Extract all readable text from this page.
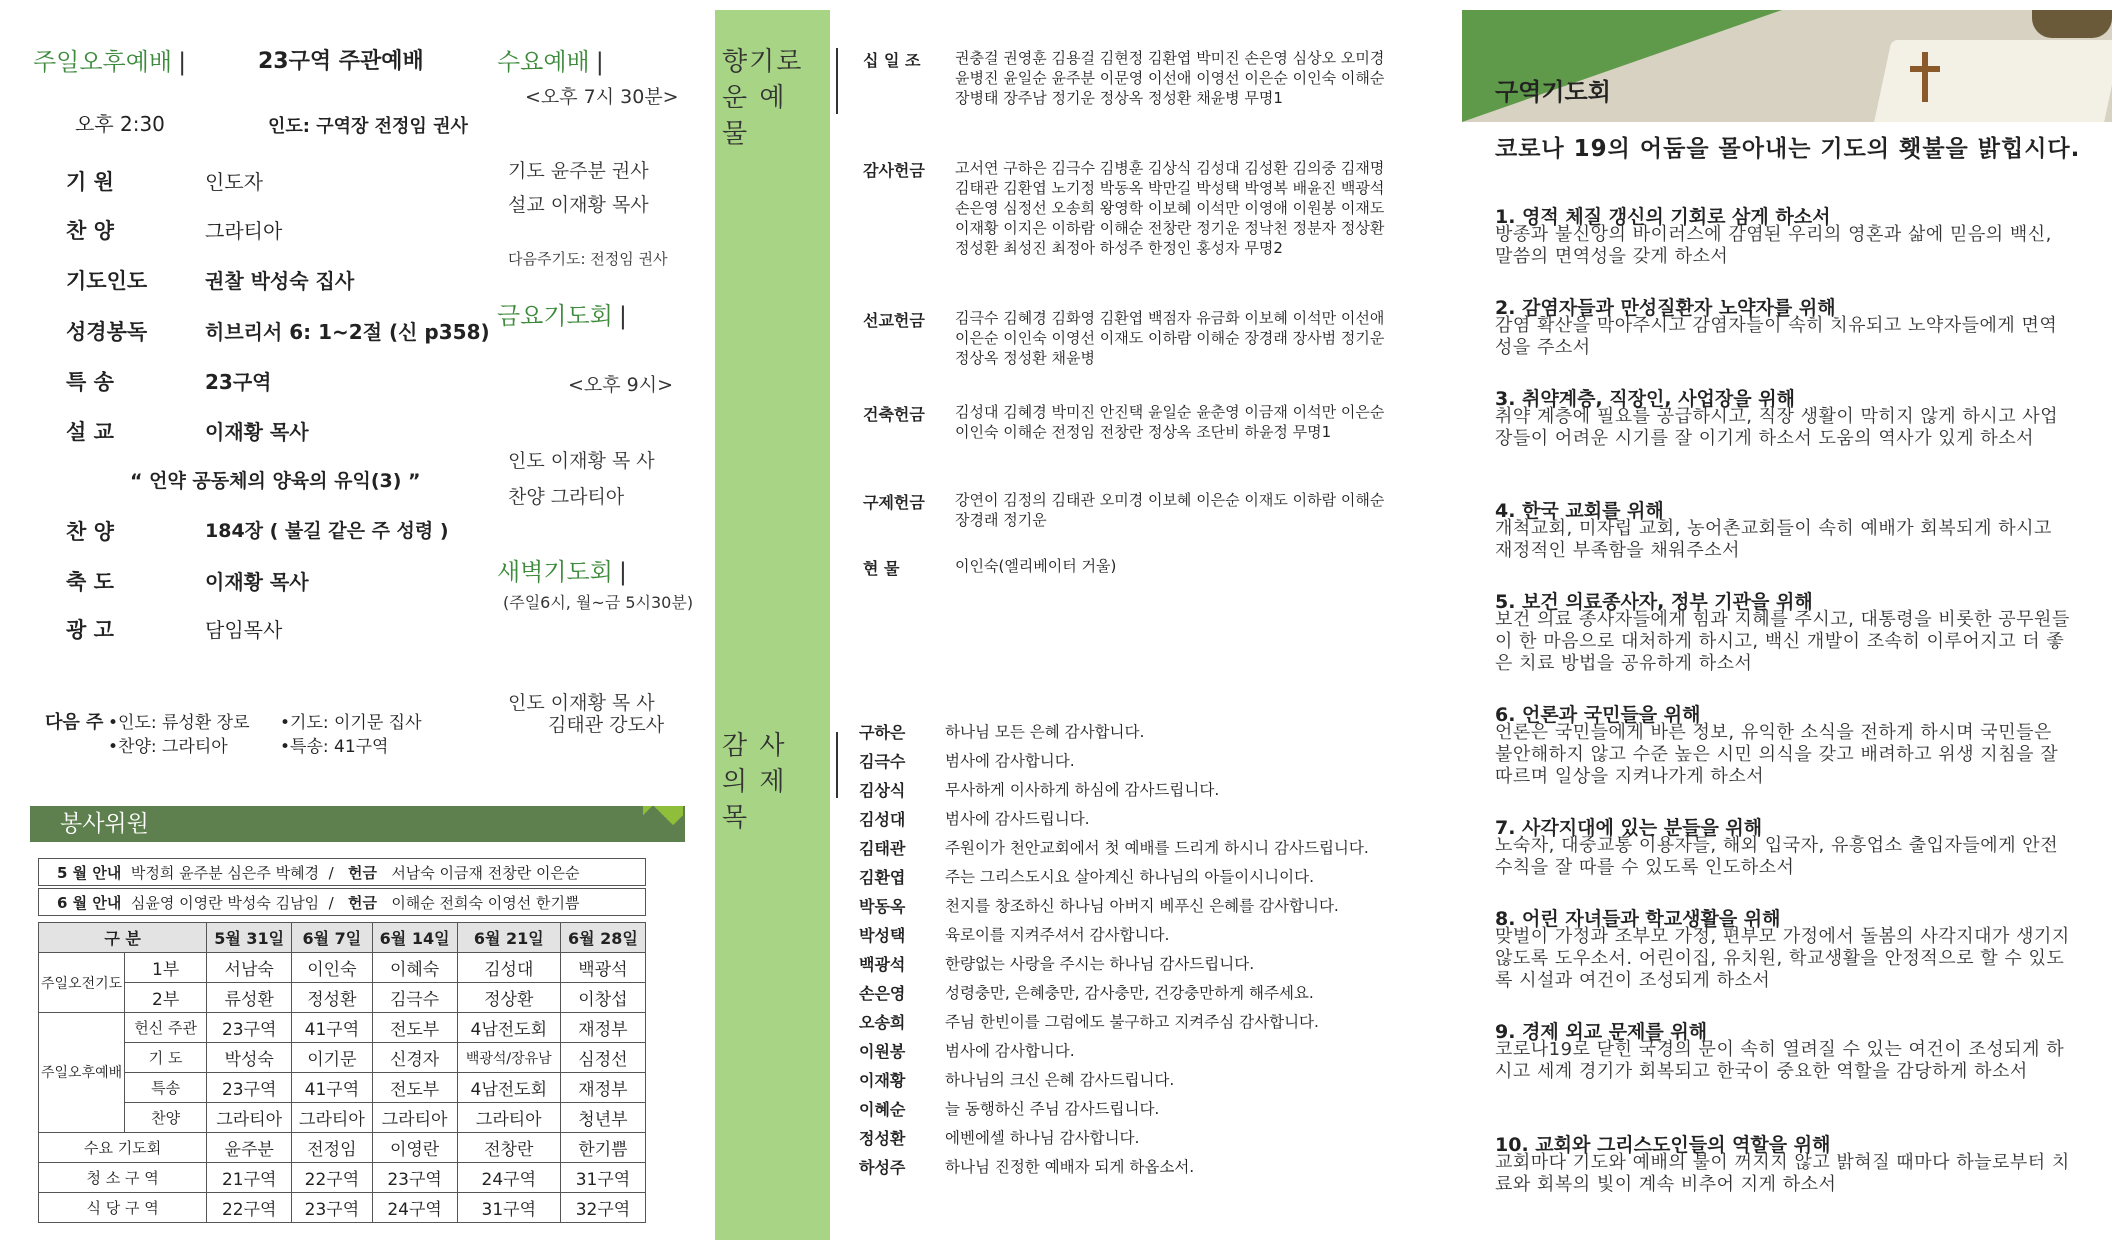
주일오후예배 |	23구역 주관예배
오후 2:30	인도: 구역장 전정임 권사
기 원	인도자
찬 양	그라티아
기도인도	권찰 박성숙 집사
성경봉독	히브리서 6: 1~2절 (신 p358)
특 송	23구역
설 교	이재황 목사
“ 언약 공동체의 양육의 유익(3) ”
찬 양	184장 ( 불길 같은 주 성령 )
축 도	이재황 목사
광 고	담임목사
다음 주 •인도: 류성환 장로 •기도: 이기문 집사
•찬양: 그라티아	•특송: 41구역
수요예배 |
<오후 7시 30분>
기도 윤주분 권사
설교 이재황 목사
다음주기도: 전정임 권사
금요기도회 |
<오후 9시>
인도 이재황 목 사
찬양 그라티아
새벽기도회 |
(주일6시, 월~금 5시30분)
인도 이재황 목 사
김태관 강도사
봉사위원
5 월 안내 박정희 윤주분 심은주 박혜경 / 헌금 서남숙 이금재 전창란 이은순
6 월 안내 심윤영 이영란 박성숙 김남임 / 헌금 이해순 전희숙 이영선 한기쁨
구 분		5월 31일	6월 7일	6월 14일	6월 21일	6월 28일
주일오전기도	1부	서남숙	이인숙	이혜숙	김성대	백광석
	2부	류성환	정성환	김극수	정상환	이창섭
주일오후예배	헌신 주관	23구역	41구역	전도부	4남전도회	재정부
	기 도	박성숙	이기문	신경자	백광석/장유남	심정선
	특송	23구역	41구역	전도부	4남전도회	재정부
	찬양	그라티아	그라티아	그라티아	그라티아	청년부
수요 기도회		윤주분	전정임	이영란	전창란	한기쁨
청 소 구 역		21구역	22구역	23구역	24구역	31구역
식 당 구 역		22구역	23구역	24구역	31구역	32구역
향기로운 예 물
감 사 의 제 목
십 일 조	권충걸 권영훈 김용걸 김현정 김환엽 박미진 손은영 심상오 오미경 윤병진 윤일순 윤주분 이문영 이선애 이영선 이은순 이인숙 이해순 장병태 장주남 정기운 정상옥 정성환 채윤병 무명1
감사헌금	고서연 구하은 김극수 김병훈 김상식 김성대 김성환 김의중 김재명 김태관 김환엽 노기정 박동옥 박만길 박성택 박영복 배윤진 백광석 손은영 심정선 오송희 왕영학 이보혜 이석만 이영애 이원봉 이재도 이재황 이지은 이하람 이해순 전창란 정기운 정낙천 정분자 정상환 정성환 최성진 최정아 하성주 한정인 홍성자 무명2
선교헌금	김극수 김혜경 김화영 김환엽 백점자 유금화 이보혜 이석만 이선애 이은순 이인숙 이영선 이재도 이하람 이해순 장경래 장사범 정기운 정상옥 정성환 채윤병
건축헌금	김성대 김혜경 박미진 안진택 윤일순 윤춘영 이금재 이석만 이은순 이인숙 이해순 전정임 전창란 정상옥 조단비 하윤정 무명1
구제헌금	강연이 김정의 김태관 오미경 이보혜 이은순 이재도 이하람 이해순 장경래 정기운
현 물	이인숙(엘리베이터 거울)
구하은	하나님 모든 은혜 감사합니다.
김극수	범사에 감사합니다.
김상식	무사하게 이사하게 하심에 감사드립니다.
김성대	범사에 감사드립니다.
김태관	주원이가 천안교회에서 첫 예배를 드리게 하시니 감사드립니다.
김환엽	주는 그리스도시요 살아계신 하나님의 아들이시니이다.
박동옥	천지를 창조하신 하나님 아버지 베푸신 은혜를 감사합니다.
박성택	육로이를 지켜주셔서 감사합니다.
백광석	한량없는 사랑을 주시는 하나님 감사드립니다.
손은영	성령충만, 은혜충만, 감사충만, 건강충만하게 해주세요.
오송희	주님 한빈이를 그럼에도 불구하고 지켜주심 감사합니다.
이원봉	범사에 감사합니다.
이재황	하나님의 크신 은혜 감사드립니다.
이혜순	늘 동행하신 주님 감사드립니다.
정성환	에벤에셀 하나님 감사합니다.
하성주	하나님 진정한 예배자 되게 하옵소서.
구역기도회
코로나 19의 어둠을 몰아내는 기도의 횃불을 밝힙시다.
1. 영적 체질 갱신의 기회로 삼게 하소서
방종과 불신앙의 바이러스에 감염된 우리의 영혼과 삶에 믿음의 백신, 말씀의 면역성을 갖게 하소서
2. 감염자들과 만성질환자 노약자를 위해
감염 확산을 막아주시고 감염자들이 속히 치유되고 노약자들에게 면역성을 주소서
3. 취약계층, 직장인, 사업장을 위해
취약 계층에 필요를 공급하시고, 직장 생활이 막히지 않게 하시고 사업장들이 어려운 시기를 잘 이기게 하소서 도움의 역사가 있게 하소서
4. 한국 교회를 위해
개척교회, 미자립 교회, 농어촌교회들이 속히 예배가 회복되게 하시고 재정적인 부족함을 채워주소서
5. 보건 의료종사자, 정부 기관을 위해
보건 의료 종사자들에게 힘과 지혜를 주시고, 대통령을 비롯한 공무원들이 한 마음으로 대처하게 하시고, 백신 개발이 조속히 이루어지고 더 좋은 치료 방법을 공유하게 하소서
6. 언론과 국민들을 위해
언론은 국민들에게 바른 정보, 유익한 소식을 전하게 하시며 국민들은 불안해하지 않고 수준 높은 시민 의식을 갖고 배려하고 위생 지침을 잘 따르며 일상을 지켜나가게 하소서
7. 사각지대에 있는 분들을 위해
노숙자, 대중교통 이용자들, 해외 입국자, 유흥업소 출입자들에게 안전 수칙을 잘 따를 수 있도록 인도하소서
8. 어린 자녀들과 학교생활을 위해
맞벌이 가정과 조부모 가정, 편부모 가정에서 돌봄의 사각지대가 생기지 않도록 도우소서. 어린이집, 유치원, 학교생활을 안정적으로 할 수 있도록 시설과 여건이 조성되게 하소서
9. 경제 외교 문제를 위해
코로나19로 닫힌 국경의 문이 속히 열려질 수 있는 여건이 조성되게 하시고 세계 경기가 회복되고 한국이 중요한 역할을 감당하게 하소서
10. 교회와 그리스도인들의 역할을 위해
교회마다 기도와 예배의 불이 꺼지지 않고 밝혀질 때마다 하늘로부터 치료와 회복의 빛이 계속 비추어 지게 하소서
